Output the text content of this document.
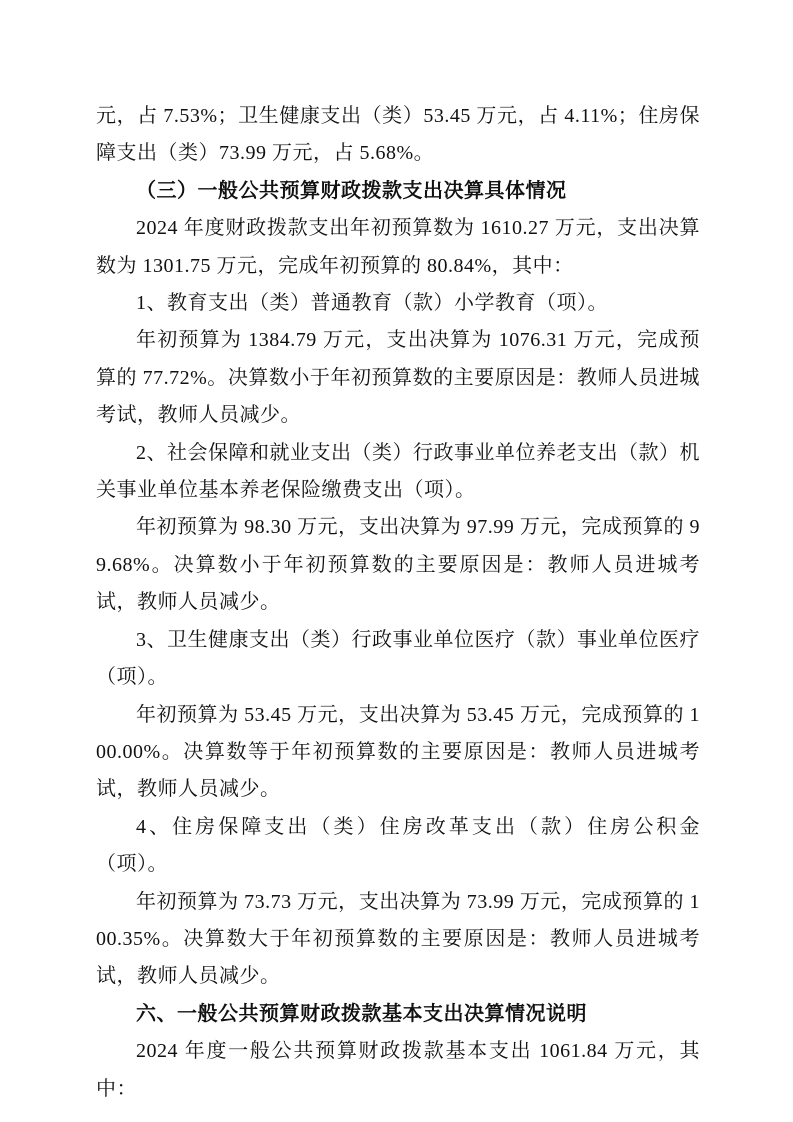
元，占 7.53%；卫生健康支出（类）53.45 万元，占 4.11%；住房保障支出（类）73.99 万元，占 5.68%。

（三）一般公共预算财政拨款支出决算具体情况

2024 年度财政拨款支出年初预算数为 1610.27 万元，支出决算数为 1301.75 万元，完成年初预算的 80.84%，其中：

1、教育支出（类）普通教育（款）小学教育（项）。

年初预算为 1384.79 万元，支出决算为 1076.31 万元，完成预算的 77.72%。决算数小于年初预算数的主要原因是：教师人员进城考试，教师人员减少。

2、社会保障和就业支出（类）行政事业单位养老支出（款）机关事业单位基本养老保险缴费支出（项）。

年初预算为 98.30 万元，支出决算为 97.99 万元，完成预算的 99.68%。决算数小于年初预算数的主要原因是：教师人员进城考试，教师人员减少。

3、卫生健康支出（类）行政事业单位医疗（款）事业单位医疗（项）。

年初预算为 53.45 万元，支出决算为 53.45 万元，完成预算的 100.00%。决算数等于年初预算数的主要原因是：教师人员进城考试，教师人员减少。

4、住房保障支出（类）住房改革支出（款）住房公积金（项）。

年初预算为 73.73 万元，支出决算为 73.99 万元，完成预算的 100.35%。决算数大于年初预算数的主要原因是：教师人员进城考试，教师人员减少。

六、一般公共预算财政拨款基本支出决算情况说明

2024 年度一般公共预算财政拨款基本支出 1061.84 万元，其中：
